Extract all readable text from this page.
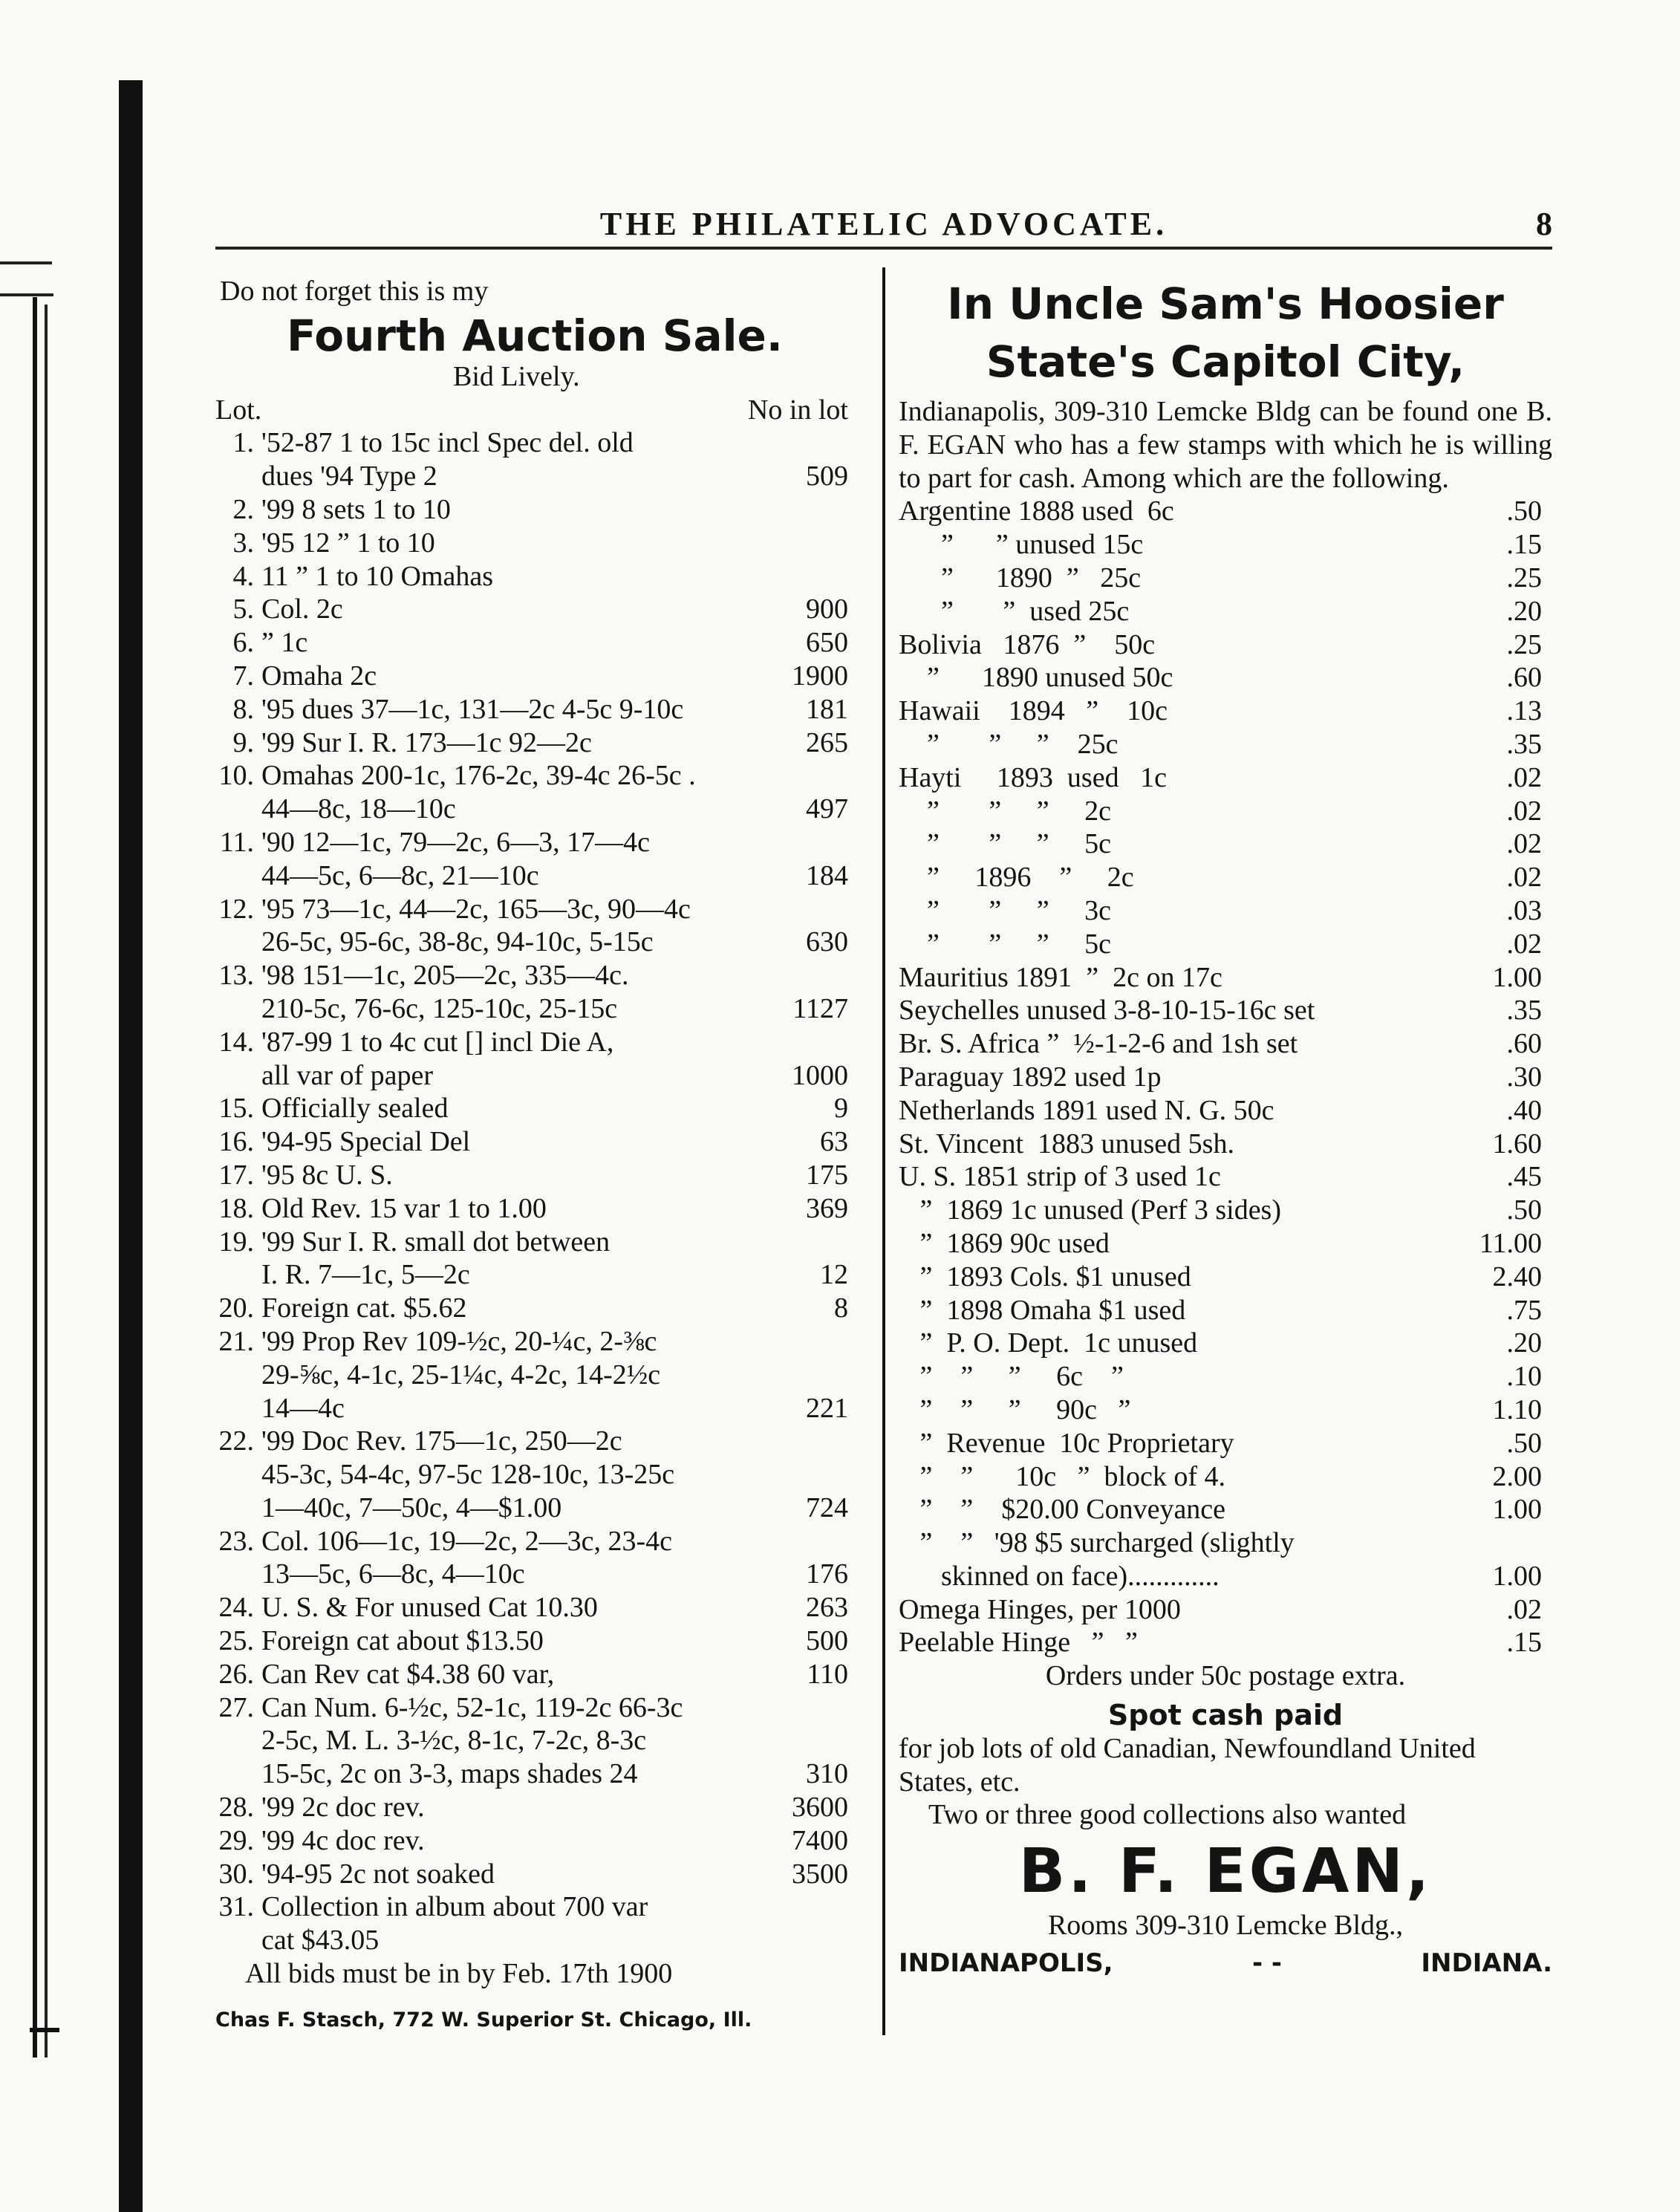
THE PHILATELIC ADVOCATE.	8
Do not forget this is my
Fourth Auction Sale.
Bid Lively.
Lot.	No in lot
1. '52-87 1 to 15c incl Spec del. old
dues '94 Type 2	509
2. '99 8 sets 1 to 10
3. '95 12 ” 1 to 10
4. 11 ” 1 to 10 Omahas
5. Col. 2c	900
6. ” 1c	650
7. Omaha 2c	1900
8. '95 dues 37—1c, 131—2c 4-5c 9-10c	181
9. '99 Sur I. R. 173—1c 92—2c	265
10. Omahas 200-1c, 176-2c, 39-4c 26-5c .
44—8c, 18—10c	497
11. '90 12—1c, 79—2c, 6—3, 17—4c
44—5c, 6—8c, 21—10c	184
12. '95 73—1c, 44—2c, 165—3c, 90—4c
26-5c, 95-6c, 38-8c, 94-10c, 5-15c	630
13. '98 151—1c, 205—2c, 335—4c.
210-5c, 76-6c, 125-10c, 25-15c	1127
14. '87-99 1 to 4c cut [] incl Die A,
all var of paper	1000
15. Officially sealed	9
16. '94-95 Special Del	63
17. '95 8c U. S.	175
18. Old Rev. 15 var 1 to 1.00	369
19. '99 Sur I. R. small dot between
I. R. 7—1c, 5—2c	12
20. Foreign cat. $5.62	8
21. '99 Prop Rev 109-½c, 20-¼c, 2-⅜c
29-⅝c, 4-1c, 25-1¼c, 4-2c, 14-2½c
14—4c	221
22. '99 Doc Rev. 175—1c, 250—2c
45-3c, 54-4c, 97-5c 128-10c, 13-25c
1—40c, 7—50c, 4—$1.00	724
23. Col. 106—1c, 19—2c, 2—3c, 23-4c
13—5c, 6—8c, 4—10c	176
24. U. S. & For unused Cat 10.30	263
25. Foreign cat about $13.50	500
26. Can Rev cat $4.38 60 var,	110
27. Can Num. 6-½c, 52-1c, 119-2c 66-3c
2-5c, M. L. 3-½c, 8-1c, 7-2c, 8-3c
15-5c, 2c on 3-3, maps shades 24	310
28. '99 2c doc rev.	3600
29. '99 4c doc rev.	7400
30. '94-95 2c not soaked	3500
31. Collection in album about 700 var
cat $43.05
All bids must be in by Feb. 17th 1900
Chas F. Stasch, 772 W. Superior St. Chicago, Ill.
In Uncle Sam's Hoosier
State's Capitol City,
Indianapolis, 309-310 Lemcke Bldg can be found one B. F. EGAN who has a few stamps with which he is willing to part for cash. Among which are the following.
Argentine 1888 used  6c	.50
”      ” unused 15c	.15
”      1890  ”   25c	.25
”       ”  used 25c	.20
Bolivia   1876  ”    50c	.25
”      1890 unused 50c	.60
Hawaii    1894   ”    10c	.13
”       ”     ”    25c	.35
Hayti     1893  used   1c	.02
”       ”     ”     2c	.02
”       ”     ”     5c	.02
”     1896    ”     2c	.02
”       ”     ”     3c	.03
”       ”     ”     5c	.02
Mauritius 1891  ”  2c on 17c	1.00
Seychelles unused 3-8-10-15-16c set	.35
Br. S. Africa ”  ½-1-2-6 and 1sh set	.60
Paraguay 1892 used 1p	.30
Netherlands 1891 used N. G. 50c	.40
St. Vincent  1883 unused 5sh.	1.60
U. S. 1851 strip of 3 used 1c	.45
”  1869 1c unused (Perf 3 sides)	.50
”  1869 90c used	11.00
”  1893 Cols. $1 unused	2.40
”  1898 Omaha $1 used	.75
”  P. O. Dept.  1c unused	.20
”    ”     ”     6c    ”	.10
”    ”     ”     90c   ”	1.10
”  Revenue  10c Proprietary	.50
”    ”      10c   ”  block of 4.	2.00
”    ”    $20.00 Conveyance	1.00
”    ”   '98 $5 surcharged (slightly
skinned on face).............	1.00
Omega Hinges, per 1000	.02
Peelable Hinge   ”   ”	.15
Orders under 50c postage extra.
Spot cash paid
for job lots of old Canadian, Newfoundland United States, etc.
Two or three good collections also wanted
B. F. EGAN,
Rooms 309-310 Lemcke Bldg.,
INDIANAPOLIS,	- -	INDIANA.
